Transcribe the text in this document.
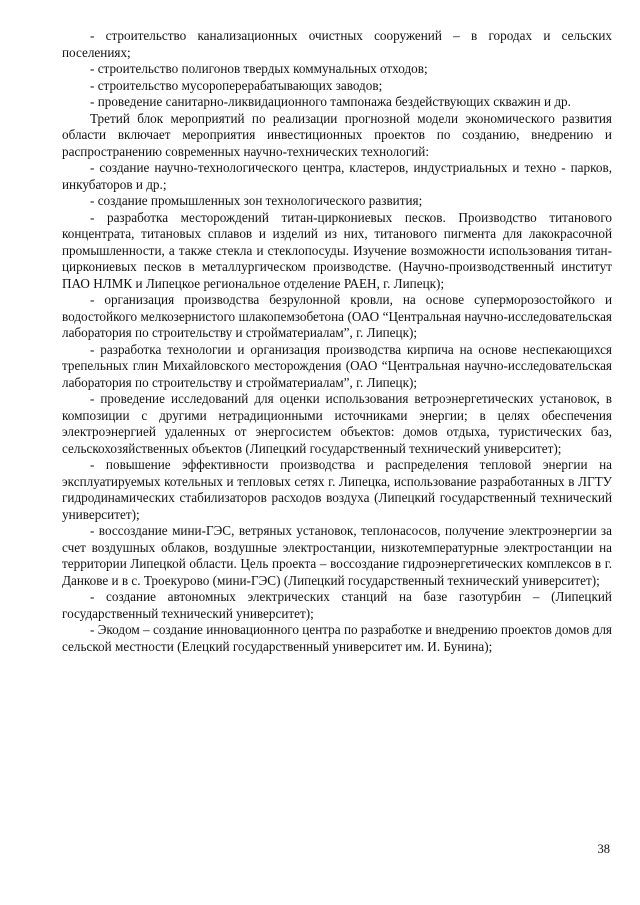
- строительство канализационных очистных сооружений – в городах и сельских поселениях;

- строительство полигонов твердых коммунальных отходов;

- строительство мусороперерабатывающих заводов;

- проведение санитарно-ликвидационного тампонажа бездействующих скважин и др.

Третий блок мероприятий по реализации прогнозной модели экономического развития области включает мероприятия инвестиционных проектов по созданию, внедрению и распространению современных научно-технических технологий:

- создание научно-технологического центра, кластеров, индустриальных и техно - парков, инкубаторов и др.;

- создание промышленных зон технологического развития;

- разработка месторождений титан-циркониевых песков. Производство титанового концентрата, титановых сплавов и изделий из них, титанового пигмента для лакокрасочной промышленности, а также стекла и стеклопосуды. Изучение возможности использования титан-циркониевых песков в металлургическом производстве. (Научно-производственный институт ПАО НЛМК и Липецкое региональное отделение РАЕН, г. Липецк);

- организация производства безрулонной кровли, на основе суперморозостойкого и водостойкого мелкозернистого шлакопемзобетона (ОАО “Центральная научно-исследовательская лаборатория по строительству и стройматериалам”, г. Липецк);

- разработка технологии и организация производства кирпича на основе неспекающихся трепельных глин Михайловского месторождения (ОАО “Центральная научно-исследовательская лаборатория по строительству и стройматериалам”, г. Липецк);

- проведение исследований для оценки использования ветроэнергетических установок, в композиции с другими нетрадиционными источниками энергии; в целях обеспечения электроэнергией удаленных от энергосистем объектов: домов отдыха, туристических баз, сельскохозяйственных объектов (Липецкий государственный технический университет);

- повышение эффективности производства и распределения тепловой энергии на эксплуатируемых котельных и тепловых сетях г. Липецка, использование разработанных в ЛГТУ гидродинамических стабилизаторов расходов воздуха (Липецкий государственный технический университет);

- воссоздание мини-ГЭС, ветряных установок, теплонасосов, получение электроэнергии за счет воздушных облаков, воздушные электростанции, низкотемпературные электростанции на территории Липецкой области. Цель проекта – воссоздание гидроэнергетических комплексов в г. Данкове и в с. Троекурово (мини-ГЭС) (Липецкий государственный технический университет);

- создание автономных электрических станций на базе газотурбин – (Липецкий государственный технический университет);

- Экодом – создание инновационного центра по разработке и внедрению проектов домов для сельской местности (Елецкий государственный университет им. И. Бунина);

38
